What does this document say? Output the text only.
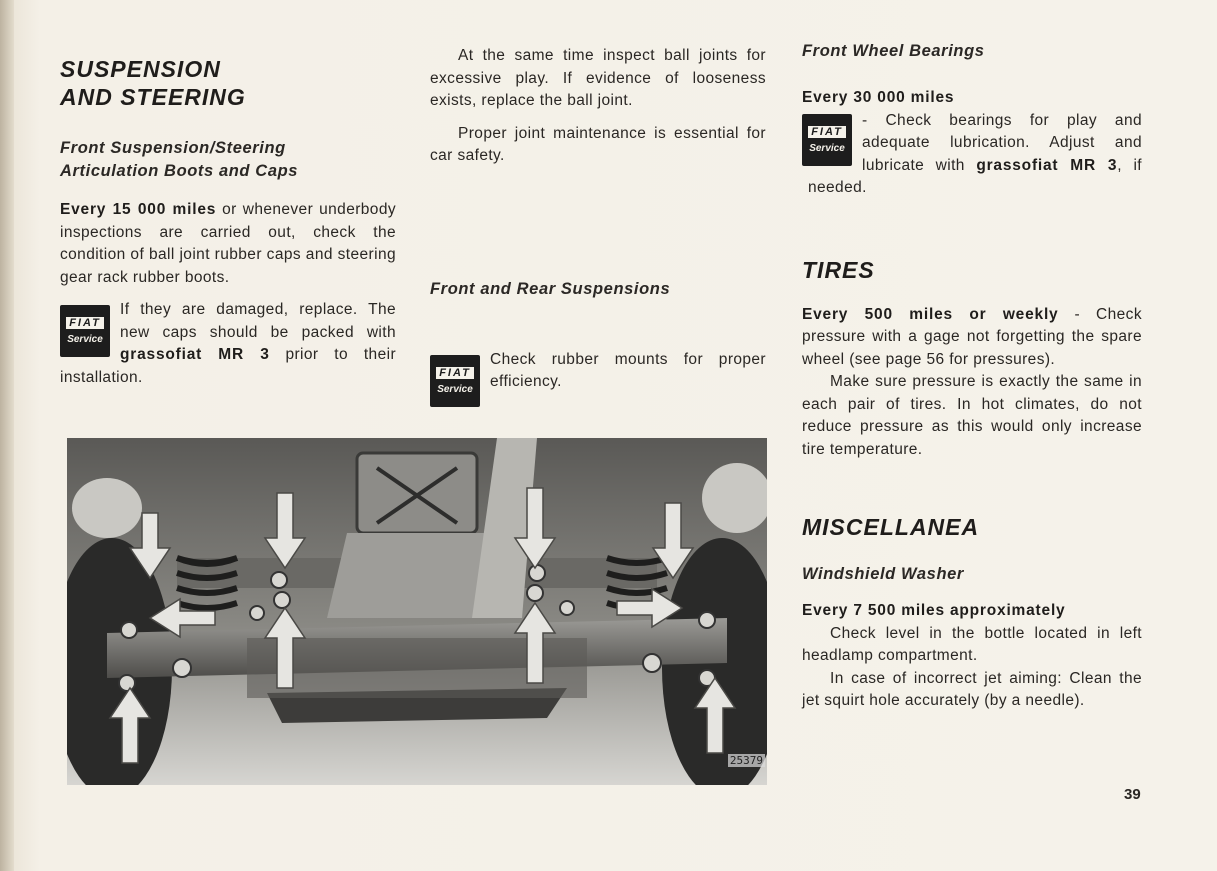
SUSPENSION
AND STEERING
Front Suspension/Steering
Articulation Boots and Caps

Every 15 000 miles or whenever underbody inspections are carried out, check the condition of ball joint rubber caps and steering gear rack rubber boots.

FIAT
Service

If they are damaged, replace. The new caps should be packed with grassofiat MR 3 prior to their installation.

At the same time inspect ball joints for excessive play. If evidence of looseness exists, replace the ball joint.

Proper joint maintenance is essential for car safety.

Front and Rear Suspensions
FIAT
Service

Check rubber mounts for proper efficiency.

Front Wheel Bearings

Every 30 000 miles

FIAT
Service

- Check bearings for play and adequate lubrication. Adjust and lubricate with grassofiat MR 3, if needed.

TIRES

Every 500 miles or weekly - Check pressure with a gage not forgetting the spare wheel (see page 56 for pressures).

Make sure pressure is exactly the same in each pair of tires. In hot climates, do not reduce pressure as this would only increase tire temperature.

MISCELLANEA
Windshield Washer

Every 7 500 miles approximately

Check level in the bottle located in left headlamp compartment.

In case of incorrect jet aiming: Clean the jet squirt hole accurately (by a needle).

25379
39
